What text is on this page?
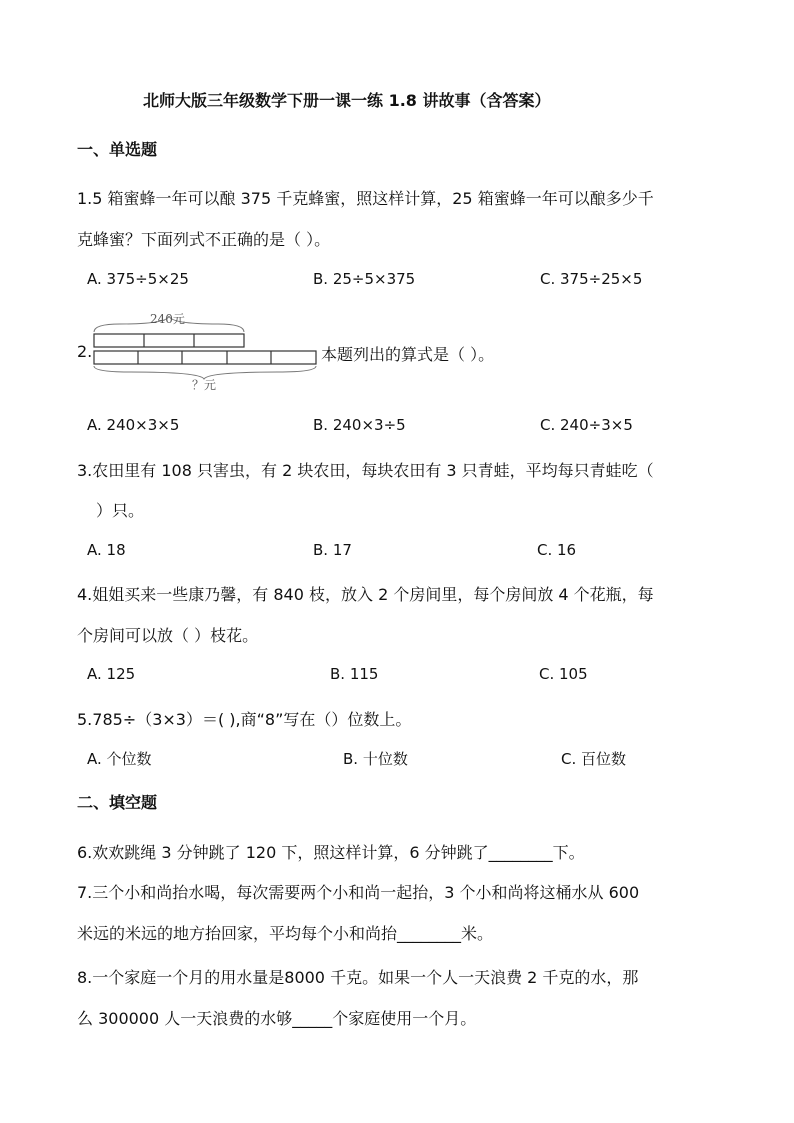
北师大版三年级数学下册一课一练 1.8 讲故事（含答案）
一、单选题
1.5 箱蜜蜂一年可以酿 375 千克蜂蜜，照这样计算，25 箱蜜蜂一年可以酿多少千
克蜂蜜？下面列式不正确的是（ ）。
A. 375÷5×25	B. 25÷5×375	C. 375÷25×5
2.
240元
？元
本题列出的算式是（ ）。
A. 240×3×5	B. 240×3÷5	C. 240÷3×5
3.农田里有 108 只害虫，有 2 块农田，每块农田有 3 只青蛙，平均每只青蛙吃（
）只。
A. 18	B. 17	C. 16
4.姐姐买来一些康乃馨，有 840 枝，放入 2 个房间里，每个房间放 4 个花瓶，每
个房间可以放（ ）枝花。
A. 125	B. 115	C. 105
5.785÷（3×3）＝( ),商“8”写在（）位数上。
A. 个位数	B. 十位数	C. 百位数
二、填空题
6.欢欢跳绳 3 分钟跳了 120 下，照这样计算，6 分钟跳了________下。
7.三个小和尚抬水喝，每次需要两个小和尚一起抬，3 个小和尚将这桶水从 600
米远的米远的地方抬回家，平均每个小和尚抬________米。
8.一个家庭一个月的用水量是8000 千克。如果一个人一天浪费 2 千克的水，那
么 300000 人一天浪费的水够_____个家庭使用一个月。
